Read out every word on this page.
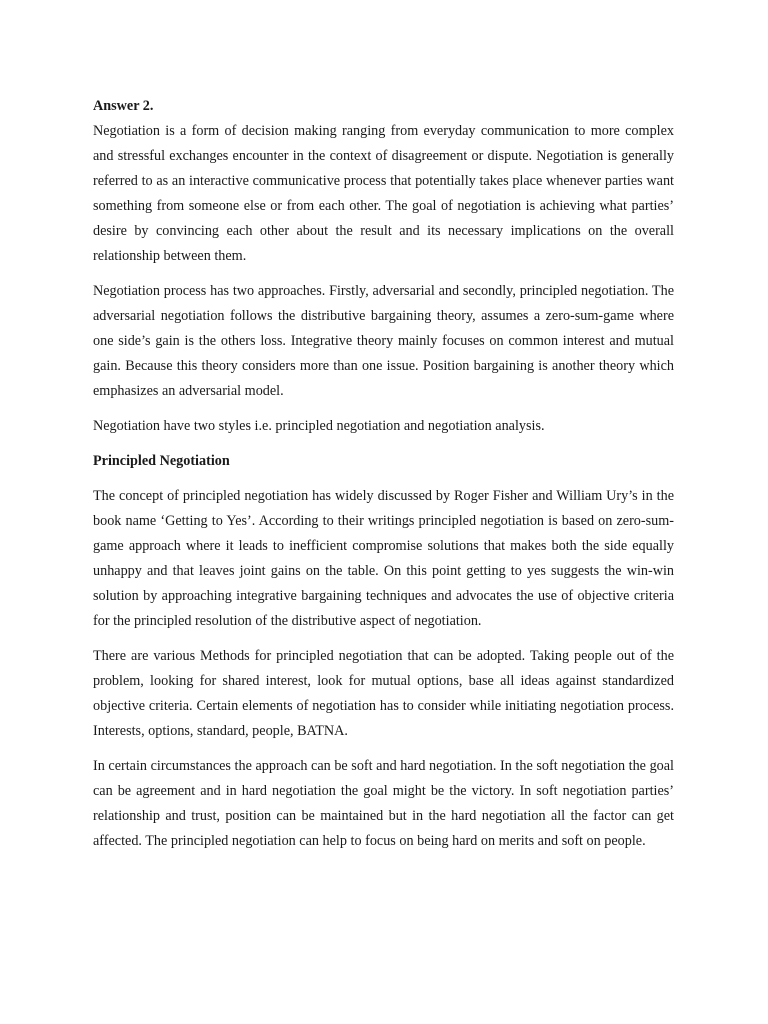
Answer 2.

Negotiation is a form of decision making ranging from everyday communication to more complex and stressful exchanges encounter in the context of disagreement or dispute. Negotiation is generally referred to as an interactive communicative process that potentially takes place whenever parties want something from someone else or from each other. The goal of negotiation is achieving what parties’ desire by convincing each other about the result and its necessary implications on the overall relationship between them.

Negotiation process has two approaches. Firstly, adversarial and secondly, principled negotiation. The adversarial negotiation follows the distributive bargaining theory, assumes a zero-sum-game where one side’s gain is the others loss. Integrative theory mainly focuses on common interest and mutual gain. Because this theory considers more than one issue. Position bargaining is another theory which emphasizes an adversarial model.

Negotiation have two styles i.e. principled negotiation and negotiation analysis.

Principled Negotiation

The concept of principled negotiation has widely discussed by Roger Fisher and William Ury’s in the book name ‘Getting to Yes’. According to their writings principled negotiation is based on zero-sum-game approach where it leads to inefficient compromise solutions that makes both the side equally unhappy and that leaves joint gains on the table. On this point getting to yes suggests the win-win solution by approaching integrative bargaining techniques and advocates the use of objective criteria for the principled resolution of the distributive aspect of negotiation.

There are various Methods for principled negotiation that can be adopted. Taking people out of the problem, looking for shared interest, look for mutual options, base all ideas against standardized objective criteria. Certain elements of negotiation has to consider while initiating negotiation process. Interests, options, standard, people, BATNA.

In certain circumstances the approach can be soft and hard negotiation. In the soft negotiation the goal can be agreement and in hard negotiation the goal might be the victory. In soft negotiation parties’ relationship and trust, position can be maintained but in the hard negotiation all the factor can get affected. The principled negotiation can help to focus on being hard on merits and soft on people.
